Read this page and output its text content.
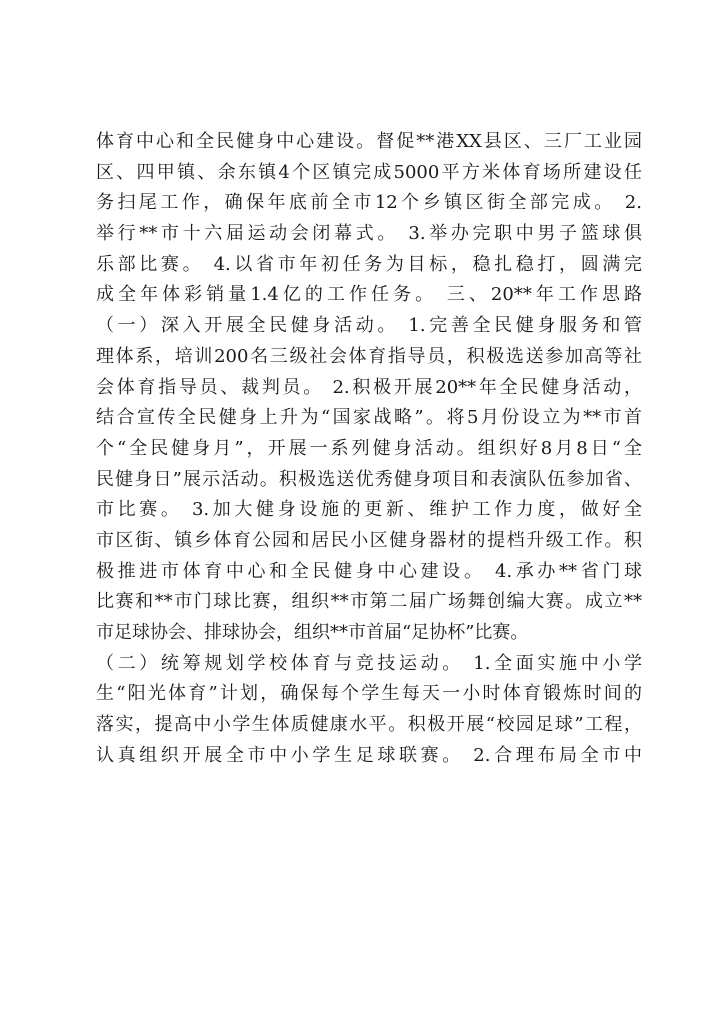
体育中心和全民健身中心建设。督促**港XX县区、三厂工业园
区、四甲镇、余东镇4个区镇完成5000平方米体育场所建设任
务扫尾工作，确保年底前全市12个乡镇区街全部完成。 2.
举行**市十六届运动会闭幕式。 3.举办完职中男子篮球俱
乐部比赛。 4.以省市年初任务为目标，稳扎稳打，圆满完
成全年体彩销量1.4亿的工作任务。 三、20**年工作思路
（一）深入开展全民健身活动。 1.完善全民健身服务和管
理体系，培训200名三级社会体育指导员，积极选送参加高等社
会体育指导员、裁判员。 2.积极开展20**年全民健身活动，
结合宣传全民健身上升为“国家战略”。将5月份设立为**市首
个“全民健身月”，开展一系列健身活动。组织好8月8日“全
民健身日”展示活动。积极选送优秀健身项目和表演队伍参加省、
市比赛。 3.加大健身设施的更新、维护工作力度，做好全
市区街、镇乡体育公园和居民小区健身器材的提档升级工作。积
极推进市体育中心和全民健身中心建设。 4.承办**省门球
比赛和**市门球比赛，组织**市第二届广场舞创编大赛。成立**
市足球协会、排球协会，组织**市首届“足协杯”比赛。
（二）统筹规划学校体育与竞技运动。 1.全面实施中小学
生“阳光体育”计划，确保每个学生每天一小时体育锻炼时间的
落实，提高中小学生体质健康水平。积极开展“校园足球”工程，
认真组织开展全市中小学生足球联赛。 2.合理布局全市中
